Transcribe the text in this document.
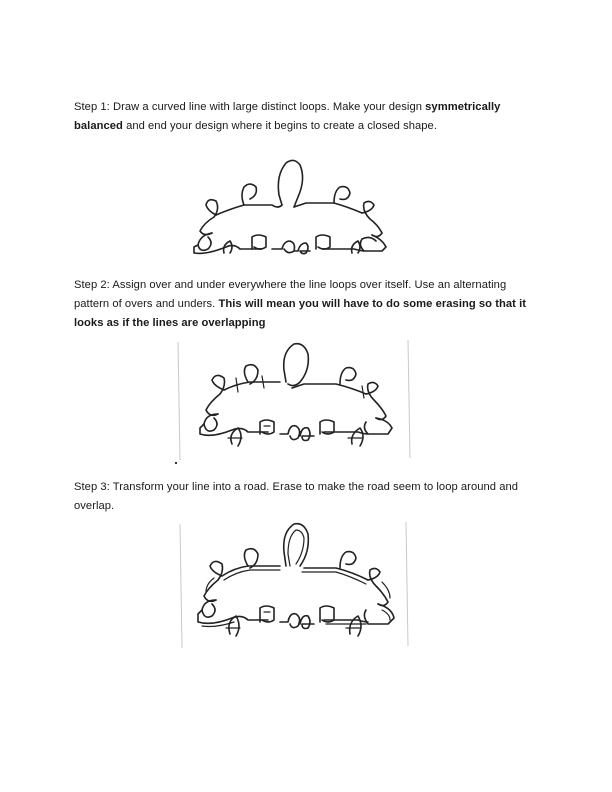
Step 1: Draw a curved line with large distinct loops. Make your design symmetrically balanced and end your design where it begins to create a closed shape.

Step 2: Assign over and under everywhere the line loops over itself. Use an alternating pattern of overs and unders. This will mean you will have to do some erasing so that it looks as if the lines are overlapping

Step 3: Transform your line into a road. Erase to make the road seem to loop around and overlap.
